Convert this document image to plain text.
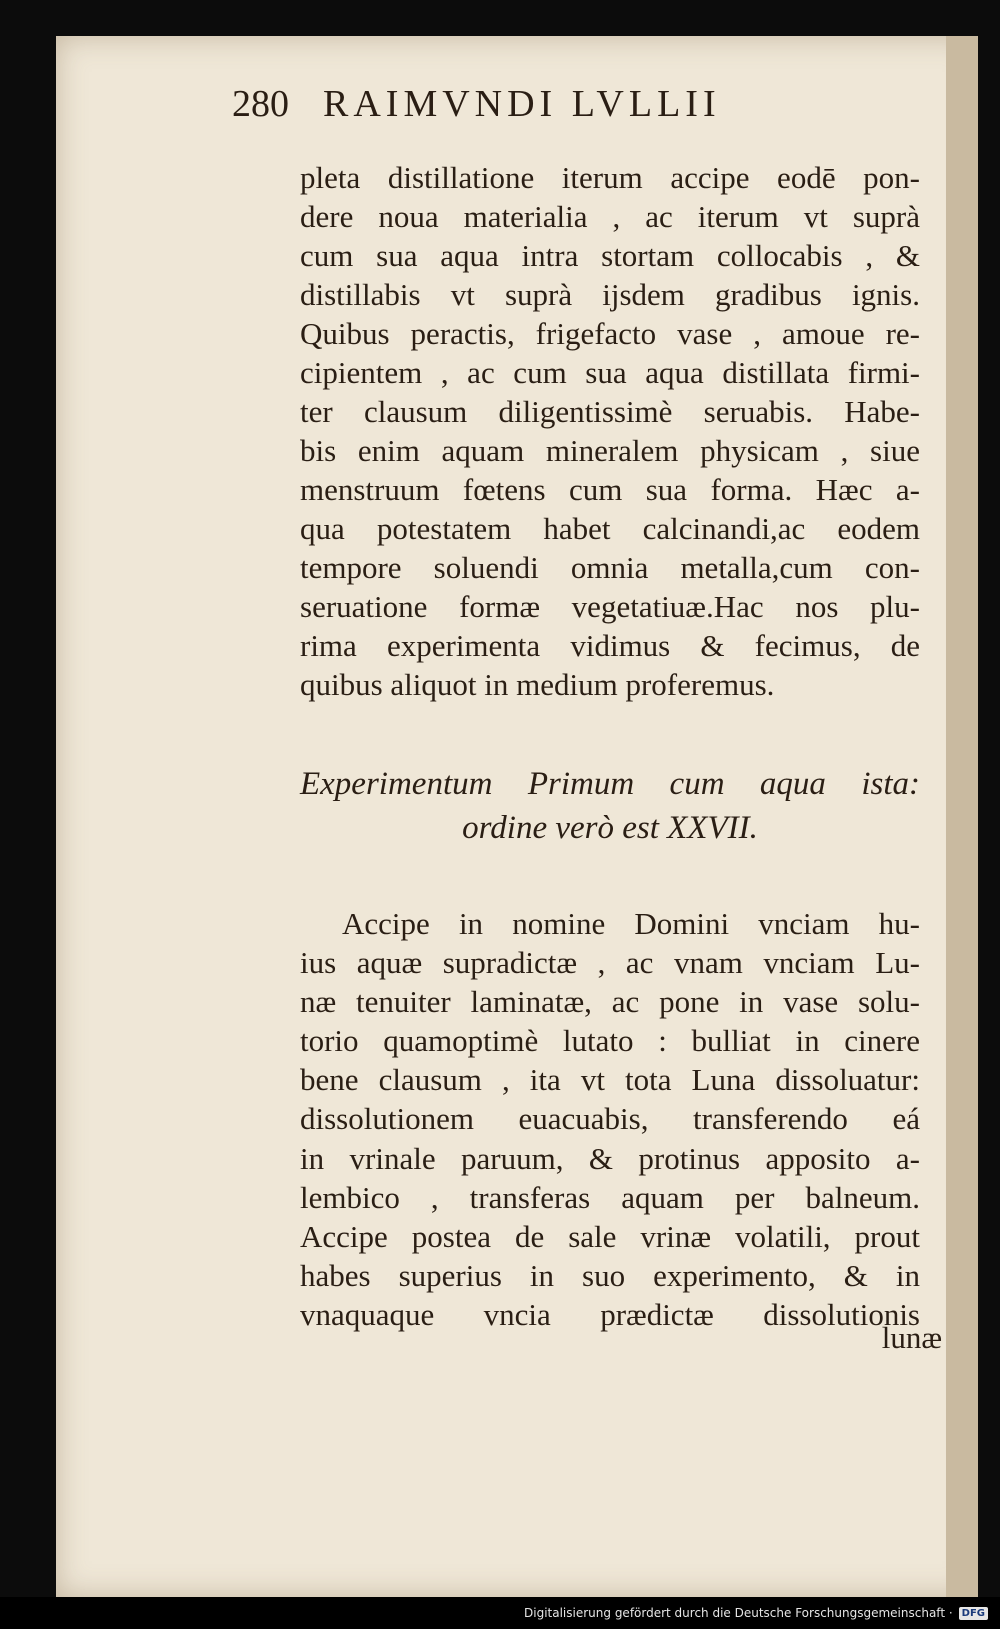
280 RAIMVNDI LVLLII
pleta distillatione iterum accipe eodē pon-
dere noua materialia , ac iterum vt suprà
cum sua aqua intra stortam collocabis , &
distillabis vt suprà ijsdem gradibus ignis.
Quibus peractis, frigefacto vase , amoue re-
cipientem , ac cum sua aqua distillata firmi-
ter clausum diligentissimè seruabis. Habe-
bis enim aquam mineralem physicam , siue
menstruum fœtens cum sua forma. Hæc a-
qua potestatem habet calcinandi,ac eodem
tempore soluendi omnia metalla,cum con-
seruatione formæ vegetatiuæ.Hac nos plu-
rima experimenta vidimus & fecimus, de
quibus aliquot in medium proferemus.
Experimentum Primum cum aqua ista:
ordine verò est XXVII.
Accipe in nomine Domini vnciam hu-
ius aquæ supradictæ , ac vnam vnciam Lu-
næ tenuiter laminatæ, ac pone in vase solu-
torio quamoptimè lutato : bulliat in cinere
bene clausum , ita vt tota Luna dissoluatur:
dissolutionem euacuabis, transferendo eá
in vrinale paruum, & protinus apposito a-
lembico , transferas aquam per balneum.
Accipe postea de sale vrinæ volatili, prout
habes superius in suo experimento, & in
vnaquaque vncia prædictæ dissolutionis
lunæ
Digitalisierung gefördert durch die Deutsche Forschungsgemeinschaft · DFG
